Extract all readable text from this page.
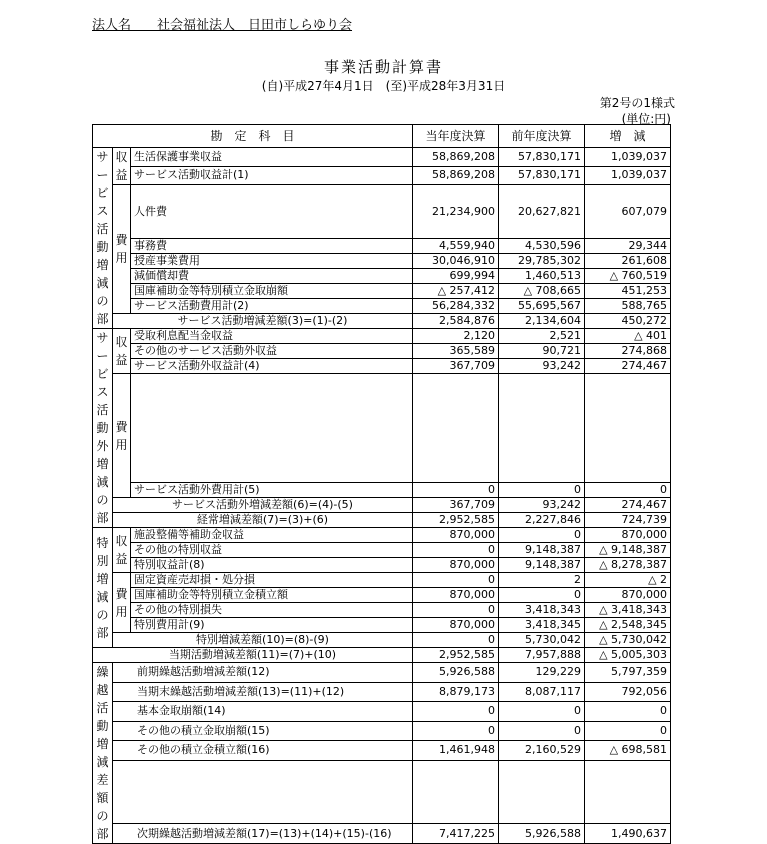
法人名　　社会福祉法人　日田市しらゆり会
事業活動計算書
(自)平成27年4月1日　(至)平成28年3月31日
第2号の1様式
(単位:円)
勘　定　科　目			当年度決算	前年度決算	増　減
サービス活動増減の部	収益	生活保護事業収益	58,869,208	57,830,171	1,039,037
		サービス活動収益計(1)	58,869,208	57,830,171	1,039,037
	費用	人件費	21,234,900	20,627,821	607,079
		事務費	4,559,940	4,530,596	29,344
		授産事業費用	30,046,910	29,785,302	261,608
		減価償却費	699,994	1,460,513	△ 760,519
		国庫補助金等特別積立金取崩額	△ 257,412	△ 708,665	451,253
		サービス活動費用計(2)	56,284,332	55,695,567	588,765
	サービス活動増減差額(3)=(1)-(2)		2,584,876	2,134,604	450,272
サービス活動外増減の部	収益	受取利息配当金収益	2,120	2,521	△ 401
		その他のサービス活動外収益	365,589	90,721	274,868
		サービス活動外収益計(4)	367,709	93,242	274,467
	費用				
		サービス活動外費用計(5)	0	0	0
	サービス活動外増減差額(6)=(4)-(5)		367,709	93,242	274,467
	経常増減差額(7)=(3)+(6)		2,952,585	2,227,846	724,739
特別増減の部	収益	施設整備等補助金収益	870,000	0	870,000
		その他の特別収益	0	9,148,387	△ 9,148,387
		特別収益計(8)	870,000	9,148,387	△ 8,278,387
	費用	固定資産売却損・処分損	0	2	△ 2
		国庫補助金等特別積立金積立額	870,000	0	870,000
		その他の特別損失	0	3,418,343	△ 3,418,343
		特別費用計(9)	870,000	3,418,345	△ 2,548,345
	特別増減差額(10)=(8)-(9)		0	5,730,042	△ 5,730,042
当期活動増減差額(11)=(7)+(10)			2,952,585	7,957,888	△ 5,005,303
繰越活動増減差額の部	前期繰越活動増減差額(12)		5,926,588	129,229	5,797,359
	当期末繰越活動増減差額(13)=(11)+(12)		8,879,173	8,087,117	792,056
	基本金取崩額(14)		0	0	0
	その他の積立金取崩額(15)		0	0	0
	その他の積立金積立額(16)		1,461,948	2,160,529	△ 698,581

	次期繰越活動増減差額(17)=(13)+(14)+(15)-(16)		7,417,225	5,926,588	1,490,637
